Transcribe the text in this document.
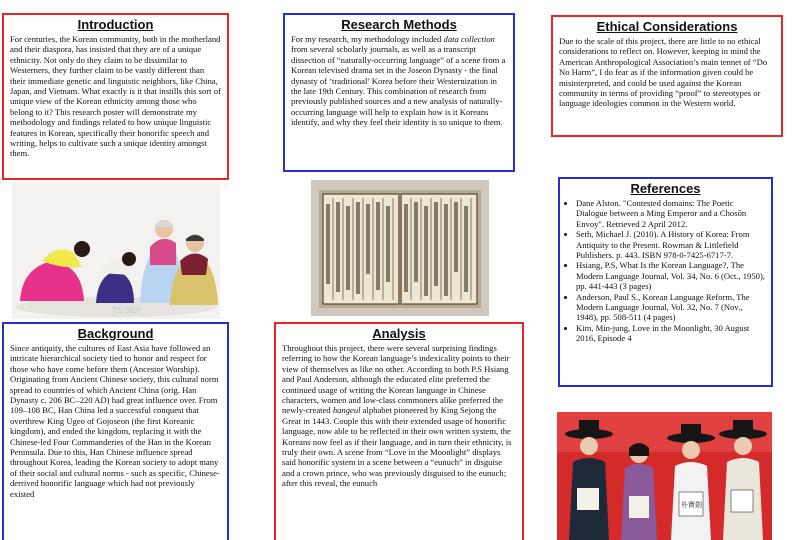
Introduction

For centuries, the Korean community, both in the motherland and their diaspora, has insisted that they are of a unique ethnicity. Not only do they claim to be dissimilar to Westerners, they further claim to be vastly different than their immediate genetic and linguistic neighbors, like China, Japan, and Vietnam. What exactly is it that instills this sort of unique view of the Korean ethnicity among those who belong to it? This research poster will demonstrate my methodology and findings related to how unique linguistic features in Korean, specifically their honorific speech and writing, helps to cultivate such a unique identity amongst them.

Research Methods

For my research, my methodology included data collection from several scholarly journals, as well as a transcript dissection of “naturally-occurring language” of a scene from a Korean televised drama set in the Joseon Dynasty - the final dynasty of ‘traditional’ Korea before their Westernization in the late 19th Century. This combination of research from previously published sources and a new analysis of naturally-occurring language will help to explain how is it Koreans identify, and why they feel their identity is so unique to them.

Ethical Considerations

Due to the scale of this project, there are little to no ethical considerations to reflect on. However, keeping in mind the American Anthropological Association’s main tennet of “Do No Harm”, I do fear as if the information given could be misinterpreted, and could be used against the Korean community in terms of providing “proof” to stereotypes or language ideologies common in the Western world.

References
• Dane Alston. "Contested domains: The Poetic Dialogue between a Ming Emperor and a Chosŏn Envoy". Retrieved 2 April 2012.
• Seth, Michael J. (2010). A History of Korea: From Antiquity to the Present. Rowman & Littlefield Publishers. p. 443. ISBN 978-0-7425-6717-7.
• Hsiang, P.S, What Is the Korean Language?, The Modern Language Journal, Vol. 34, No. 6 (Oct., 1950), pp. 441-443 (3 pages)
• Anderson, Paul S., Korean Language Reform, The Modern Language Journal, Vol. 32, No. 7 (Nov., 1948), pp. 508-511 (4 pages)
• Kim, Min-jung, Love in the Moonlight, 30 August 2016, Episode 4
Background

Since antiquity, the cultures of East Asia have followed an intricate hierarchical society tied to honor and respect for those who have come before them (Ancestor Worship). Originating from Ancient Chinese society, this cultural norm spread to countries of which Ancient China (orig. Han Dynasty c. 206 BC–220 AD) had great influence over. From 109–108 BC, Han China led a successful conquest that overthrew King Ugeo of Gojoseon (the first Koreanic kingdom), and ended the kingdom, replacing it with the Chinese-led Four Commanderies of the Han in the Korean Peninsula. Due to this, Han Chinese influence spread throughout Korea, leading the Korean society to adopt many of their social and cultural norms - such as specific, Chinese-derrived honorific language which had not previously existed

Analysis

Throughout this project, there were several surprising findings referring to how the Korean language’s indexicality points to their view of themselves as like no other. According to both P.S Hsiang and Paul Anderson, although the educated elite preferred the continued usage of writing the Korean language in Chinese characters, women and low-class commoners alike preferred the newly-created hangeul alphabet pioneered by King Sejong the Great in 1443. Couple this with their extended usage of honorific language, now able to be reflected in their own written system, the Koreans now feel as if their language, and in turn their ethnicity, is truly their own. A scene from “Love in the Moonlight” displays said honorific system in a scene between a “eunuch” in disguise and a crown prince, who was previously disguised to the eunuch; after this reveal, the eunuch

TS SILP
朴寶劍
